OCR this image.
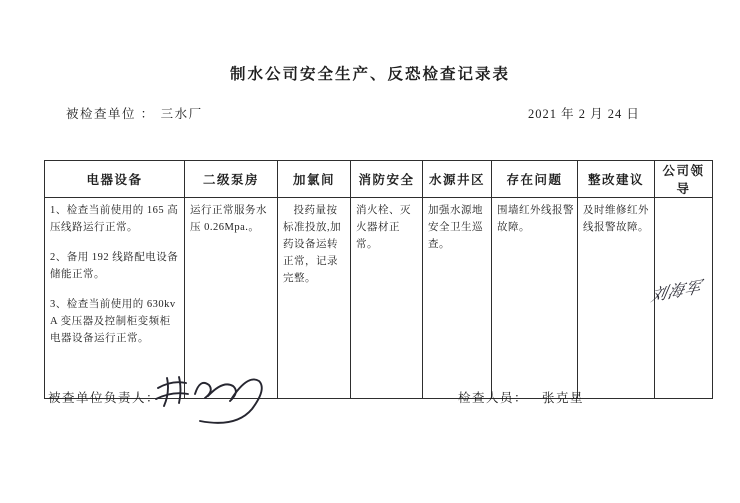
制水公司安全生产、反恐检查记录表
被检查单位 ： 三水厂	2021 年 2 月 24 日
电器设备	二级泵房	加氯间	消防安全	水源井区	存在问题	整改建议	公司领导

1、检查当前使用的 165 高压线路运行正常。

2、备用 192 线路配电设备储能正常。

3、检查当前使用的 630kvA 变压器及控制柜变频柜电器设备运行正常。	运行正常服务水压 0.26Mpa.。	投药量按标准投放,加药设备运转正常，记录完整。	消火栓、灭火器材正常。	加强水源地安全卫生巡查。	围墙红外线报警故障。	及时维修红外线报警故障。	刘海军
被查单位负责人：	检查人员： 张克星
